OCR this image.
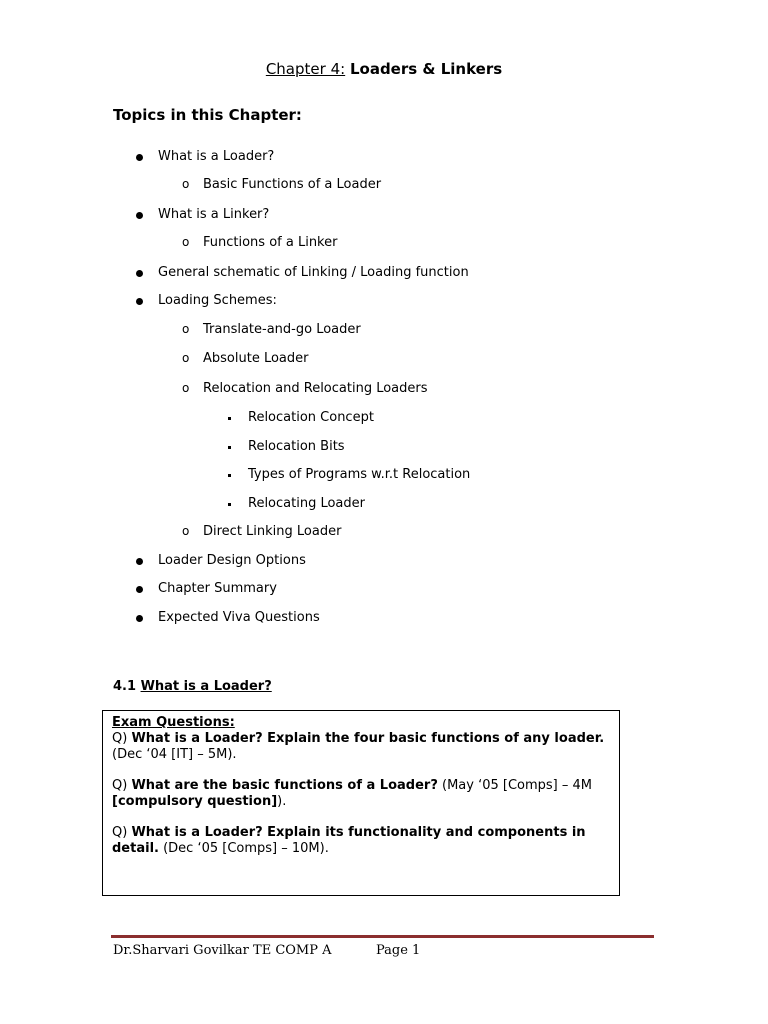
Chapter 4: Loaders & Linkers
Topics in this Chapter:
What is a Loader?
Basic Functions of a Loader
o
What is a Linker?
Functions of a Linker
o
General schematic of Linking / Loading function
Loading Schemes:
Translate-and-go Loader
o
Absolute Loader
o
Relocation and Relocating Loaders
o
Relocation Concept
Relocation Bits
Types of Programs w.r.t Relocation
Relocating Loader
Direct Linking Loader
o
Loader Design Options
Chapter Summary
Expected Viva Questions
4.1 What is a Loader?
Exam Questions:

Q) What is a Loader? Explain the four basic functions of any loader. (Dec ‘04 [IT] – 5M).

Q) What are the basic functions of a Loader? (May ‘05 [Comps] – 4M [compulsory question]).

Q) What is a Loader? Explain its functionality and components in detail. (Dec ‘05 [Comps] – 10M).

Dr.Sharvari Govilkar TE COMP A	Page 1
